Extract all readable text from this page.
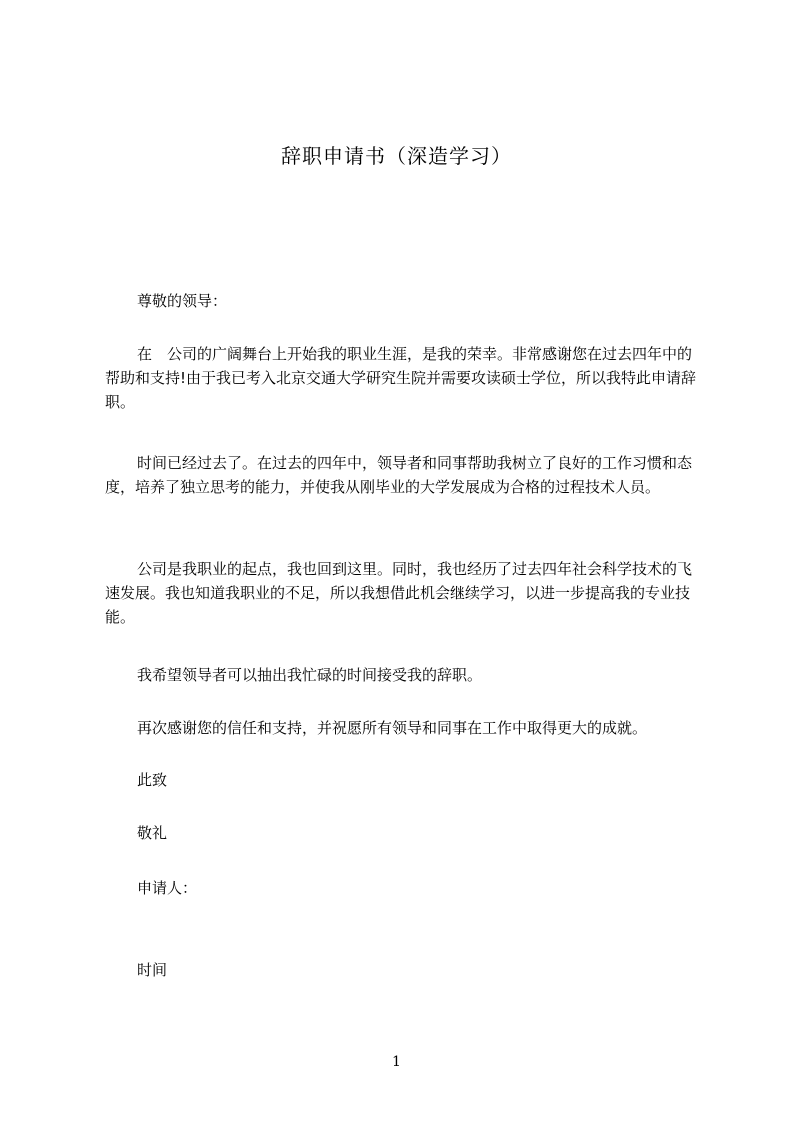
辞职申请书（深造学习）

尊敬的领导：

在　公司的广阔舞台上开始我的职业生涯，是我的荣幸。非常感谢您在过去四年中的帮助和支持!由于我已考入北京交通大学研究生院并需要攻读硕士学位，所以我特此申请辞职。

时间已经过去了。在过去的四年中，领导者和同事帮助我树立了良好的工作习惯和态度，培养了独立思考的能力，并使我从刚毕业的大学发展成为合格的过程技术人员。

公司是我职业的起点，我也回到这里。同时，我也经历了过去四年社会科学技术的飞速发展。我也知道我职业的不足，所以我想借此机会继续学习，以进一步提高我的专业技能。

我希望领导者可以抽出我忙碌的时间接受我的辞职。

再次感谢您的信任和支持，并祝愿所有领导和同事在工作中取得更大的成就。

此致

敬礼

申请人：

时间

1
